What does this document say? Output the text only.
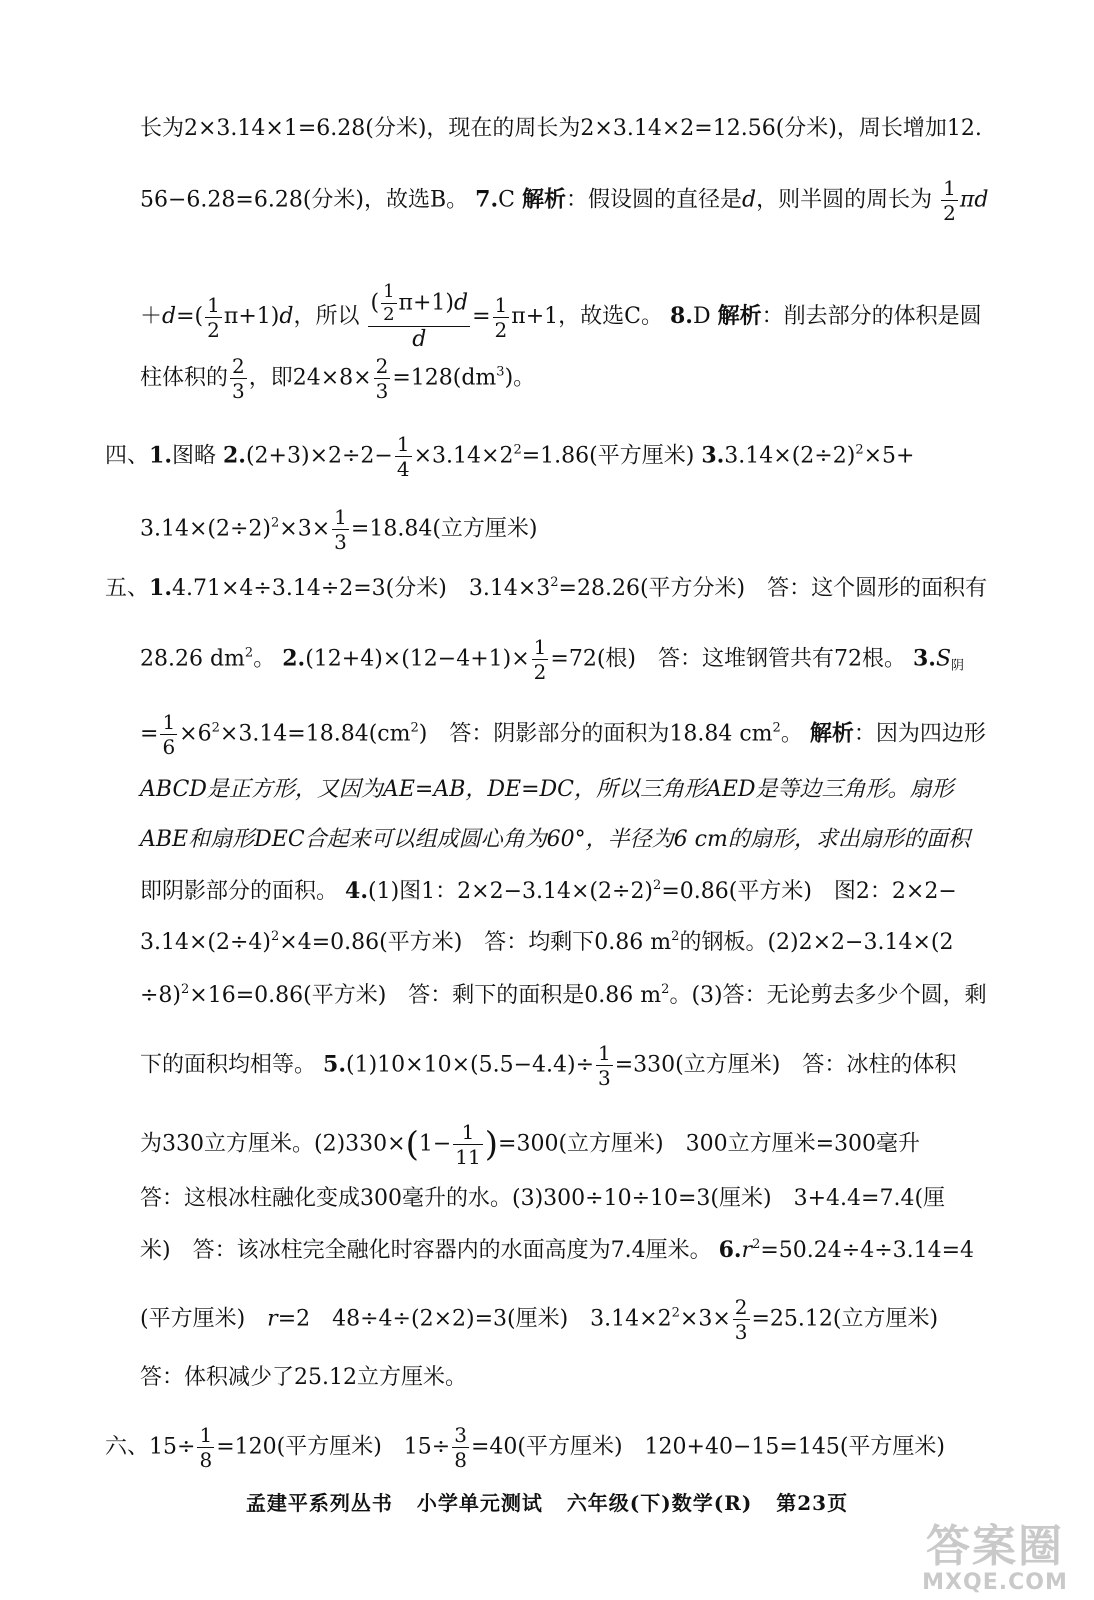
长为2×3.14×1=6.28(分米)，现在的周长为2×3.14×2=12.56(分米)，周长增加12.
56−6.28=6.28(分米)，故选B。 7.C 解析：假设圆的直径是d，则半圆的周长为 $\frac{1}{2}$ πd
$+d=( \frac{1}{2} \pi+1)d$，所以 $\frac{( \frac{1}{2} \pi+1)d}{d} = \frac{1}{2} \pi+1$，故选C。 8.D 解析：削去部分的体积是圆
柱体积的 $\frac{2}{3}$ ，即$24\times 8\times \frac{2}{3} =128(dm^3)$。
四、1.图略 $2.(2+3)\times 2\div 2- \frac{1}{4} \times 3.14\times 2^2=1.86$(平方厘米) $3.3.14\times(2\div 2)^2\times 5+$
$3.14\times(2\div 2)^2\times 3\times \frac{1}{3} =18.84$(立方厘米)
五、1.4.71×4÷3.14÷2=3(分米)　$3.14\times 3^2=28.26$(平方分米)　答：这个圆形的面积有
28.26 $dm^2$。 $2.(12+4)\times(12-4+1)\times \frac{1}{2} =72$(根)　答：这堆钢管共有72根。 $3.S_阴$
= $\frac{1}{6} \times 6^2\times 3.14=18.84(cm^2)$　答：阴影部分的面积为18.84 $cm^2$。 解析：因为四边形
ABCD是正方形，又因为AE=AB，DE=DC，所以三角形AED是等边三角形。扇形
ABE和扇形DEC合起来可以组成圆心角为60°，半径为6 cm的扇形，求出扇形的面积
即阴影部分的面积。 4.(1)图1：$2\times 2-3.14\times(2\div 2)^2=0.86$(平方米)　图2：2×2−
$3.14\times(2\div 4)^2\times 4=0.86$(平方米)　答：均剩下0.86 $m^2$的钢板。(2)2×2−3.14×(2
÷8)$^2$×16=0.86(平方米)　答：剩下的面积是0.86 $m^2$。(3)答：无论剪去多少个圆，剩
下的面积均相等。 $5.(1)10\times 10\times(5.5-4.4)\div \frac{1}{3} =330$(立方厘米)　答：冰柱的体积
为330立方厘米。$(2)330\times(1- \frac{1}{11} )=300$(立方厘米)　300立方厘米=300毫升
答：这根冰柱融化变成300毫升的水。(3)300÷10÷10=3(厘米)　3+4.4=7.4(厘
米)　答：该冰柱完全融化时容器内的水面高度为7.4厘米。 $6.r^2=50.24\div 4\div 3.14=4$
(平方厘米)　r=2　48÷4÷(2×2)=3(厘米)　$3.14\times 2^2\times 3\times \frac{2}{3} =25.12$(立方厘米)
答：体积减少了25.12立方厘米。
六、$15\div \frac{1}{8} =120$(平方厘米)　$15\div \frac{3}{8} =40$(平方厘米)　120+40−15=145(平方厘米)
孟建平系列丛书 小学单元测试 六年级(下)数学(R) 第23页
答案圈
MXQE.COM
